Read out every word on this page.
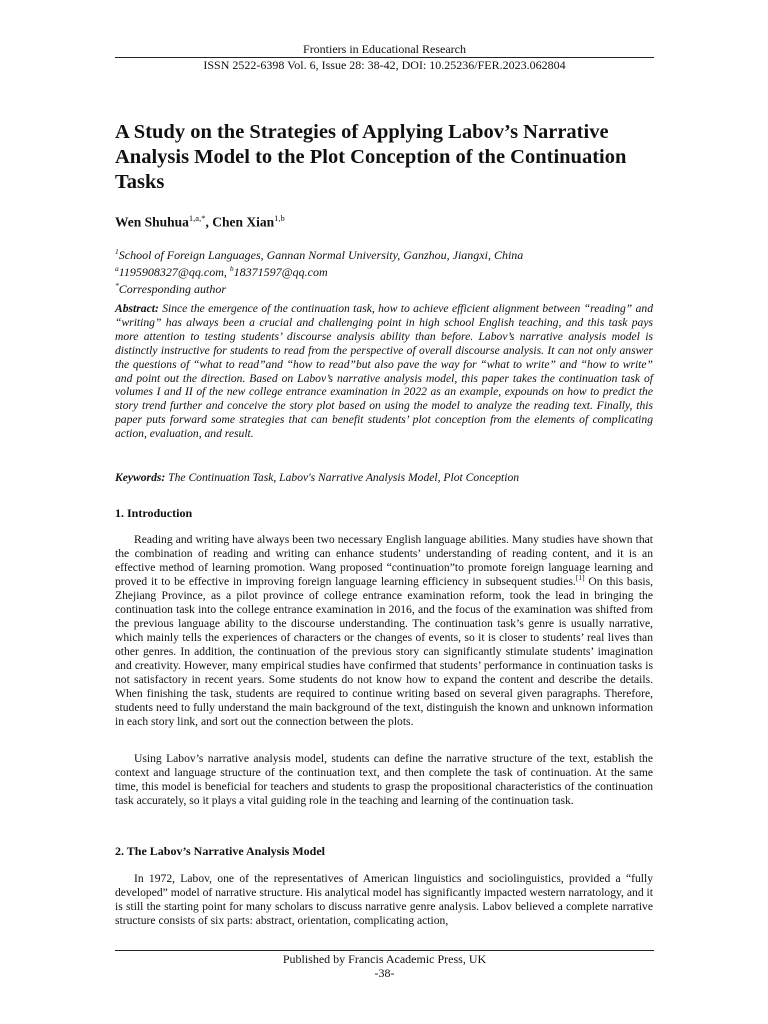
Frontiers in Educational Research
ISSN 2522-6398 Vol. 6, Issue 28: 38-42, DOI: 10.25236/FER.2023.062804
A Study on the Strategies of Applying Labov’s Narrative Analysis Model to the Plot Conception of the Continuation Tasks
Wen Shuhua$^{1,a,*}$, Chen Xian$^{1,b}$
$^1$School of Foreign Languages, Gannan Normal University, Ganzhou, Jiangxi, China
$^a$1195908327@qq.com, $^b$18371597@qq.com
*Corresponding author

Abstract: Since the emergence of the continuation task, how to achieve efficient alignment between “reading” and “writing” has always been a crucial and challenging point in high school English teaching, and this task pays more attention to testing students’ discourse analysis ability than before. Labov’s narrative analysis model is distinctly instructive for students to read from the perspective of overall discourse analysis. It can not only answer the questions of “what to read”and “how to read”but also pave the way for “what to write” and “how to write” and point out the direction. Based on Labov’s narrative analysis model, this paper takes the continuation task of volumes I and II of the new college entrance examination in 2022 as an example, expounds on how to predict the story trend further and conceive the story plot based on using the model to analyze the reading text. Finally, this paper puts forward some strategies that can benefit students’ plot conception from the elements of complicating action, evaluation, and result.

Keywords: The Continuation Task, Labov's Narrative Analysis Model, Plot Conception

1. Introduction

Reading and writing have always been two necessary English language abilities. Many studies have shown that the combination of reading and writing can enhance students’ understanding of reading content, and it is an effective method of learning promotion. Wang proposed “continuation”to promote foreign language learning and proved it to be effective in improving foreign language learning efficiency in subsequent studies.[1] On this basis, Zhejiang Province, as a pilot province of college entrance examination reform, took the lead in bringing the continuation task into the college entrance examination in 2016, and the focus of the examination was shifted from the previous language ability to the discourse understanding. The continuation task’s genre is usually narrative, which mainly tells the experiences of characters or the changes of events, so it is closer to students’ real lives than other genres. In addition, the continuation of the previous story can significantly stimulate students’ imagination and creativity. However, many empirical studies have confirmed that students’ performance in continuation tasks is not satisfactory in recent years. Some students do not know how to expand the content and describe the details. When finishing the task, students are required to continue writing based on several given paragraphs. Therefore, students need to fully understand the main background of the text, distinguish the known and unknown information in each story link, and sort out the connection between the plots.

Using Labov’s narrative analysis model, students can define the narrative structure of the text, establish the context and language structure of the continuation text, and then complete the task of continuation. At the same time, this model is beneficial for teachers and students to grasp the propositional characteristics of the continuation task accurately, so it plays a vital guiding role in the teaching and learning of the continuation task.

2. The Labov’s Narrative Analysis Model

In 1972, Labov, one of the representatives of American linguistics and sociolinguistics, provided a “fully developed” model of narrative structure. His analytical model has significantly impacted western narratology, and it is still the starting point for many scholars to discuss narrative genre analysis. Labov believed a complete narrative structure consists of six parts: abstract, orientation, complicating action,

Published by Francis Academic Press, UK
-38-
